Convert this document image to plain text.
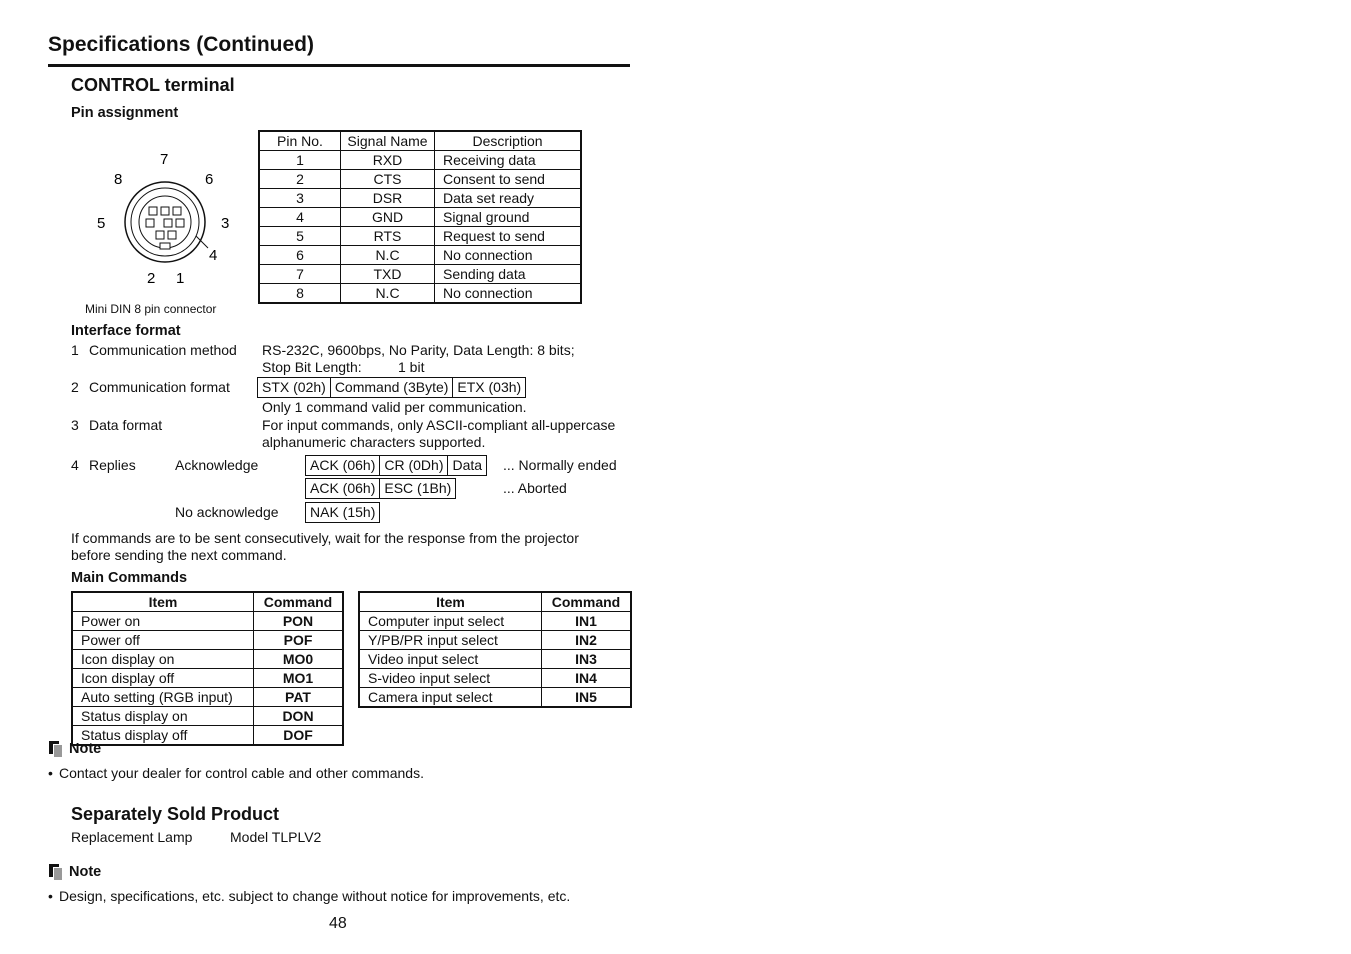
Specifications (Continued)
CONTROL terminal
Pin assignment
1
2
3
4
5
6
7
8
Mini DIN 8 pin connector
Pin No.	Signal Name	Description
1	RXD	Receiving data
2	CTS	Consent to send
3	DSR	Data set ready
4	GND	Signal ground
5	RTS	Request to send
6	N.C	No connection
7	TXD	Sending data
8	N.C	No connection
Interface format
1 Communication method RS-232C, 9600bps, No Parity, Data Length: 8 bits;
Stop Bit Length:	1 bit
2 Communication format	STX (02h) Command (3Byte) ETX (03h)
Only 1 command valid per communication.
3 Data format	For input commands, only ASCII-compliant all-uppercase
alphanumeric characters supported.
4 Replies	Acknowledge	ACK (06h) CR (0Dh) Data	... Normally ended
ACK (06h) ESC (1Bh)	... Aborted
No acknowledge	NAK (15h)
If commands are to be sent consecutively, wait for the response from the projector
before sending the next command.
Main Commands
Item	Command
Power on	PON
Power off	POF
Icon display on	MO0
Icon display off	MO1
Auto setting (RGB input)	PAT
Status display on	DON
Status display off	DOF
Item	Command
Computer input select	IN1
Y/PB/PR input select	IN2
Video input select	IN3
S-video input select	IN4
Camera input select	IN5
Note
• Contact your dealer for control cable and other commands.
Separately Sold Product
Replacement Lamp	Model TLPLV2
Note
• Design, specifications, etc. subject to change without notice for improvements, etc.
48
